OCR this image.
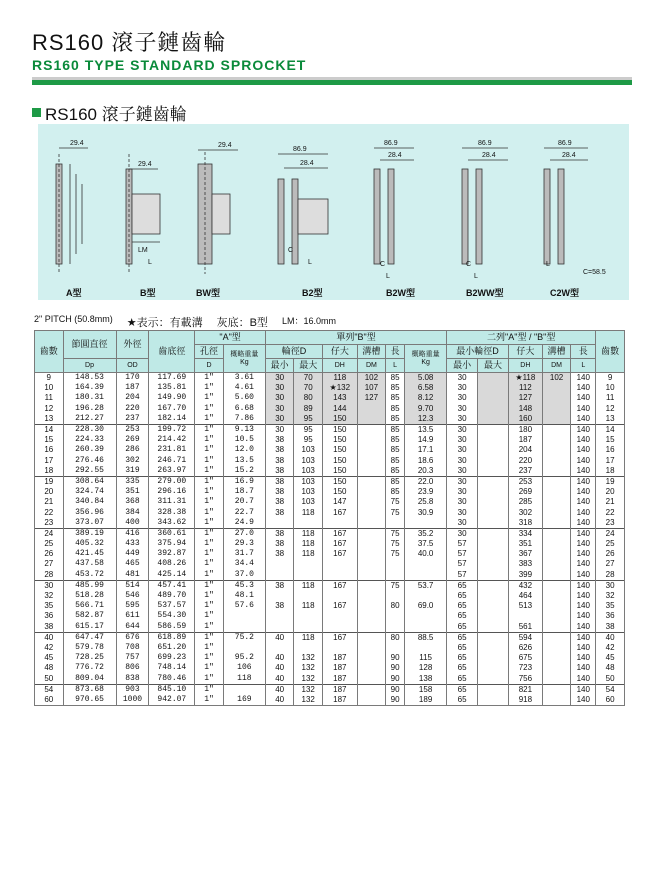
RS160 滾子鏈齒輪
RS160 TYPE STANDARD SPROCKET
RS160 滾子鏈齒輪
29.4
A型
29.4
LM
L
B型
29.4
BW型
86.9
28.4
C
L
B2型
86.9
28.4
C
L
B2W型
86.9
28.4
C
L
B2WW型
86.9
28.4
L
C=58.5
C2W型
2" PITCH (50.8mm) ★表示：有載溝 灰底：B型 LM：16.0mm
齒數	節圓直徑	外徑	齒底徑	"A"型		單列"B"型						二列"A"型 / "B"型					齒數
				孔徑	概略重量
Kg	輪徑D		仔大	溝槽	長	概略重量
Kg	最小輪徑D		仔大	溝槽	長	
	Dp	OD		D		最小	最大	DH	DM	L		最小	最大	DH	DM	L	
9	148.53	170	117.69	1"	3.61	30	70	118	102	85	5.08	30		★118	102	140	9
10	164.39	187	135.81	1"	4.61	30	70	★132	107	85	6.58	30		112		140	10
11	180.31	204	149.90	1"	5.60	30	80	143	127	85	8.12	30		127		140	11
12	196.28	220	167.70	1"	6.68	30	89	144		85	9.70	30		148		140	12
13	212.27	237	182.14	1"	7.86	30	95	150		85	12.3	30		160		140	13
14	228.30	253	199.72	1"	9.13	30	95	150		85	13.5	30		180		140	14
15	224.33	269	214.42	1"	10.5	38	95	150		85	14.9	30		187		140	15
16	260.39	286	231.81	1"	12.0	38	103	150		85	17.1	30		204		140	16
17	276.46	302	246.71	1"	13.5	38	103	150		85	18.6	30		220		140	17
18	292.55	319	263.97	1"	15.2	38	103	150		85	20.3	30		237		140	18
19	308.64	335	279.00	1"	16.9	38	103	150		85	22.0	30		253		140	19
20	324.74	351	296.16	1"	18.7	38	103	150		85	23.9	30		269		140	20
21	340.84	368	311.31	1"	20.7	38	103	147		75	25.8	30		285		140	21
22	356.96	384	328.38	1"	22.7	38	118	167		75	30.9	30		302		140	22
23	373.07	400	343.62	1"	24.9							30		318		140	23
24	389.19	416	360.61	1"	27.0	38	118	167		75	35.2	30		334		140	24
25	405.32	433	375.94	1"	29.3	38	118	167		75	37.5	57		351		140	25
26	421.45	449	392.87	1"	31.7	38	118	167		75	40.0	57		367		140	26
27	437.58	465	408.26	1"	34.4							57		383		140	27
28	453.72	481	425.14	1"	37.0							57		399		140	28
30	485.99	514	457.41	1"	45.3	38	118	167		75	53.7	65		432		140	30
32	518.28	546	489.70	1"	48.1							65		464		140	32
35	566.71	595	537.57	1"	57.6	38	118	167		80	69.0	65		513		140	35
36	582.87	611	554.30	1"								65				140	36
38	615.17	644	586.59	1"								65		561		140	38
40	647.47	676	618.89	1"	75.2	40	118	167		80	88.5	65		594		140	40
42	579.78	708	651.20	1"								65		626		140	42
45	728.25	757	699.23	1"	95.2	40	132	187		90	115	65		675		140	45
48	776.72	806	748.14	1"	106	40	132	187		90	128	65		723		140	48
50	809.04	838	780.46	1"	118	40	132	187		90	138	65		756		140	50
54	873.68	903	845.10	1"		40	132	187		90	158	65		821		140	54
60	970.65	1000	942.07	1"	169	40	132	187		90	189	65		918		140	60
